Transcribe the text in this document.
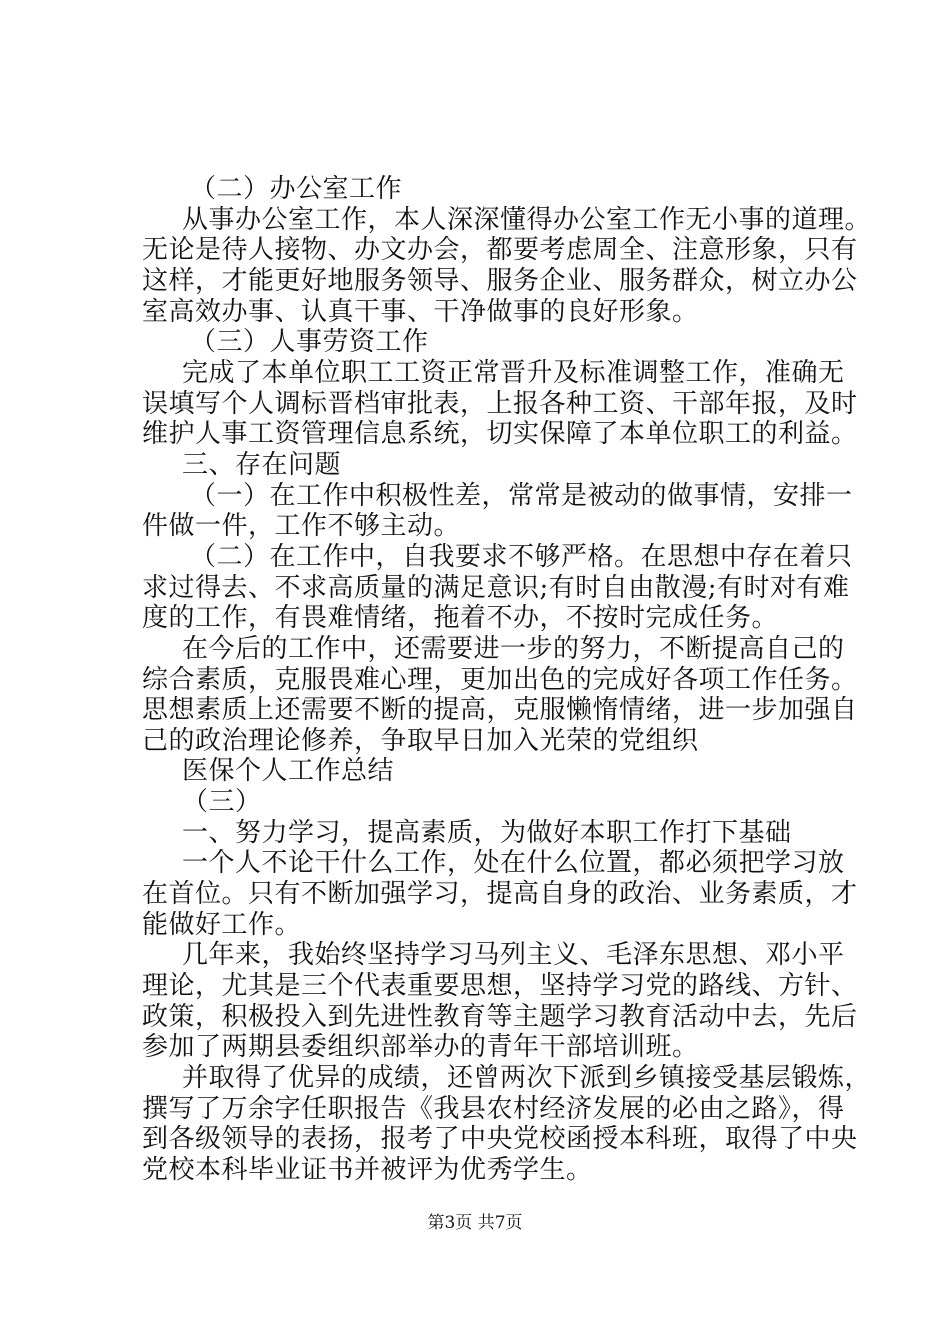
（二）办公室工作
从事办公室工作，本人深深懂得办公室工作无小事的道理。
无论是待人接物、办文办会，都要考虑周全、注意形象，只有
这样，才能更好地服务领导、服务企业、服务群众，树立办公
室高效办事、认真干事、干净做事的良好形象。
（三）人事劳资工作
完成了本单位职工工资正常晋升及标准调整工作，准确无
误填写个人调标晋档审批表，上报各种工资、干部年报，及时
维护人事工资管理信息系统，切实保障了本单位职工的利益。
三、存在问题
（一）在工作中积极性差，常常是被动的做事情，安排一
件做一件，工作不够主动。
（二）在工作中，自我要求不够严格。在思想中存在着只
求过得去、不求高质量的满足意识;有时自由散漫;有时对有难
度的工作，有畏难情绪，拖着不办，不按时完成任务。
在今后的工作中，还需要进一步的努力，不断提高自己的
综合素质，克服畏难心理，更加出色的完成好各项工作任务。
思想素质上还需要不断的提高，克服懒惰情绪，进一步加强自
己的政治理论修养，争取早日加入光荣的党组织
医保个人工作总结
（三）
一、努力学习，提高素质，为做好本职工作打下基础
一个人不论干什么工作，处在什么位置，都必须把学习放
在首位。只有不断加强学习，提高自身的政治、业务素质，才
能做好工作。
几年来，我始终坚持学习马列主义、毛泽东思想、邓小平
理论，尤其是三个代表重要思想，坚持学习党的路线、方针、
政策，积极投入到先进性教育等主题学习教育活动中去，先后
参加了两期县委组织部举办的青年干部培训班。
并取得了优异的成绩，还曾两次下派到乡镇接受基层锻炼，
撰写了万余字任职报告《我县农村经济发展的必由之路》，得
到各级领导的表扬，报考了中央党校函授本科班，取得了中央
党校本科毕业证书并被评为优秀学生。
第3页 共7页
